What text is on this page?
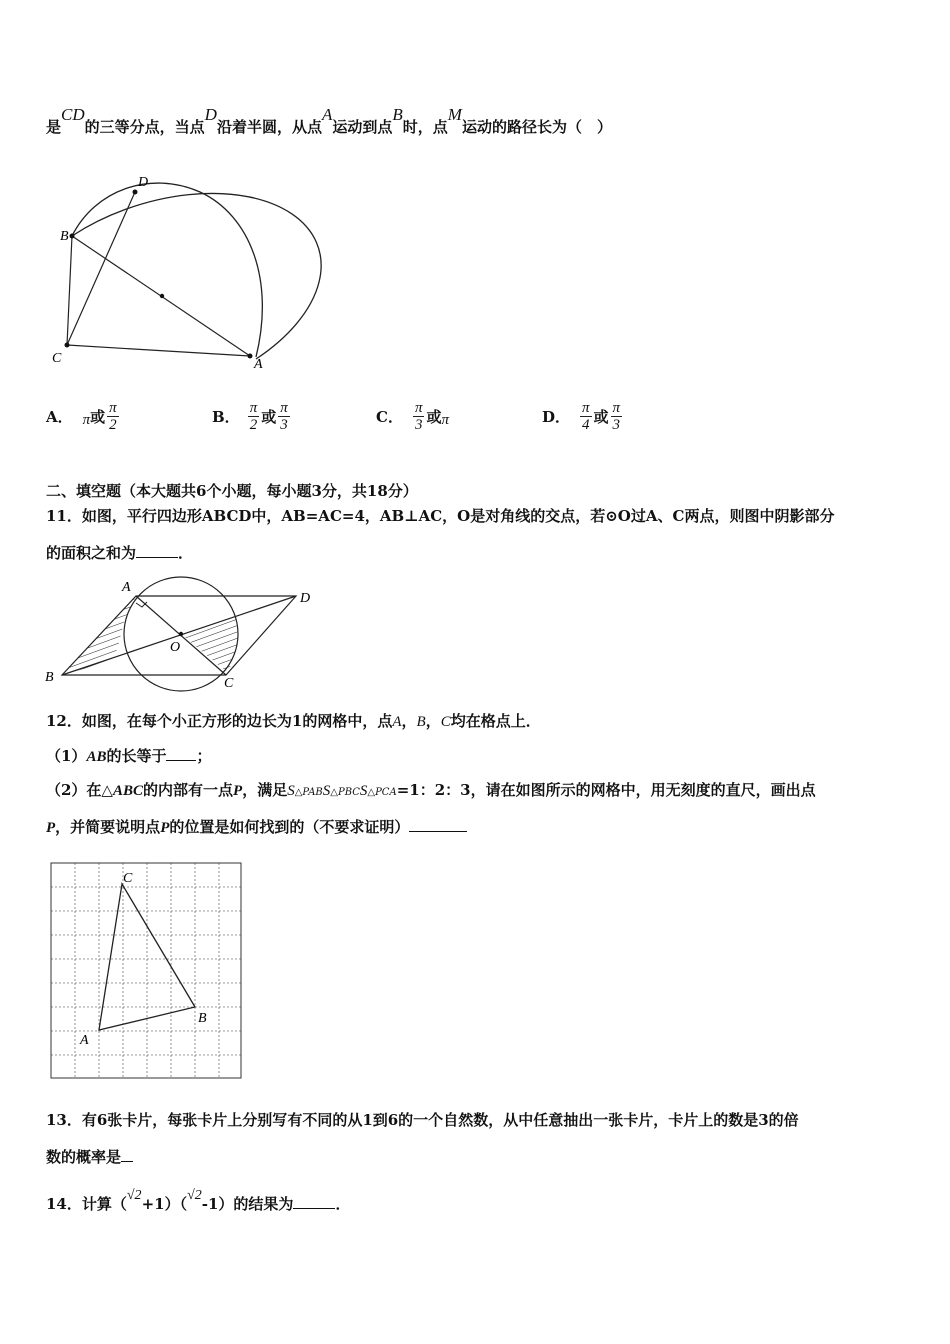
是CD的三等分点，当点D沿着半圆，从点A运动到点B时，点M运动的路径长为（　）
D
B
C	A
A． π 或 $\frac{\pi}{2}$	B． $\frac{\pi}{2}$ 或 $\frac{\pi}{3}$	C． $\frac{\pi}{3}$ 或 π	D． $\frac{\pi}{4}$ 或 $\frac{\pi}{3}$
二、填空题（本大题共6个小题，每小题3分，共18分）
11．如图，平行四边形ABCD中，AB=AC=4，AB⊥AC，O是对角线的交点，若⊙O过A、C两点，则图中阴影部分
的面积之和为	．
A
D
O
B	C
12．如图，在每个小正方形的边长为1的网格中，点A，B，C均在格点上．
（1）AB的长等于 ；
（2）在△ABC的内部有一点P，满足S△PABS△PBCS△PCA=1：2：3，请在如图所示的网格中，用无刻度的直尺，画出点
P，并简要说明点P的位置是如何找到的（不要求证明）
C
A
B
13．有6张卡片，每张卡片上分别写有不同的从1到6的一个自然数，从中任意抽出一张卡片，卡片上的数是3的倍
数的概率是
14．计算（√2+1）（√2-1）的结果为	．
